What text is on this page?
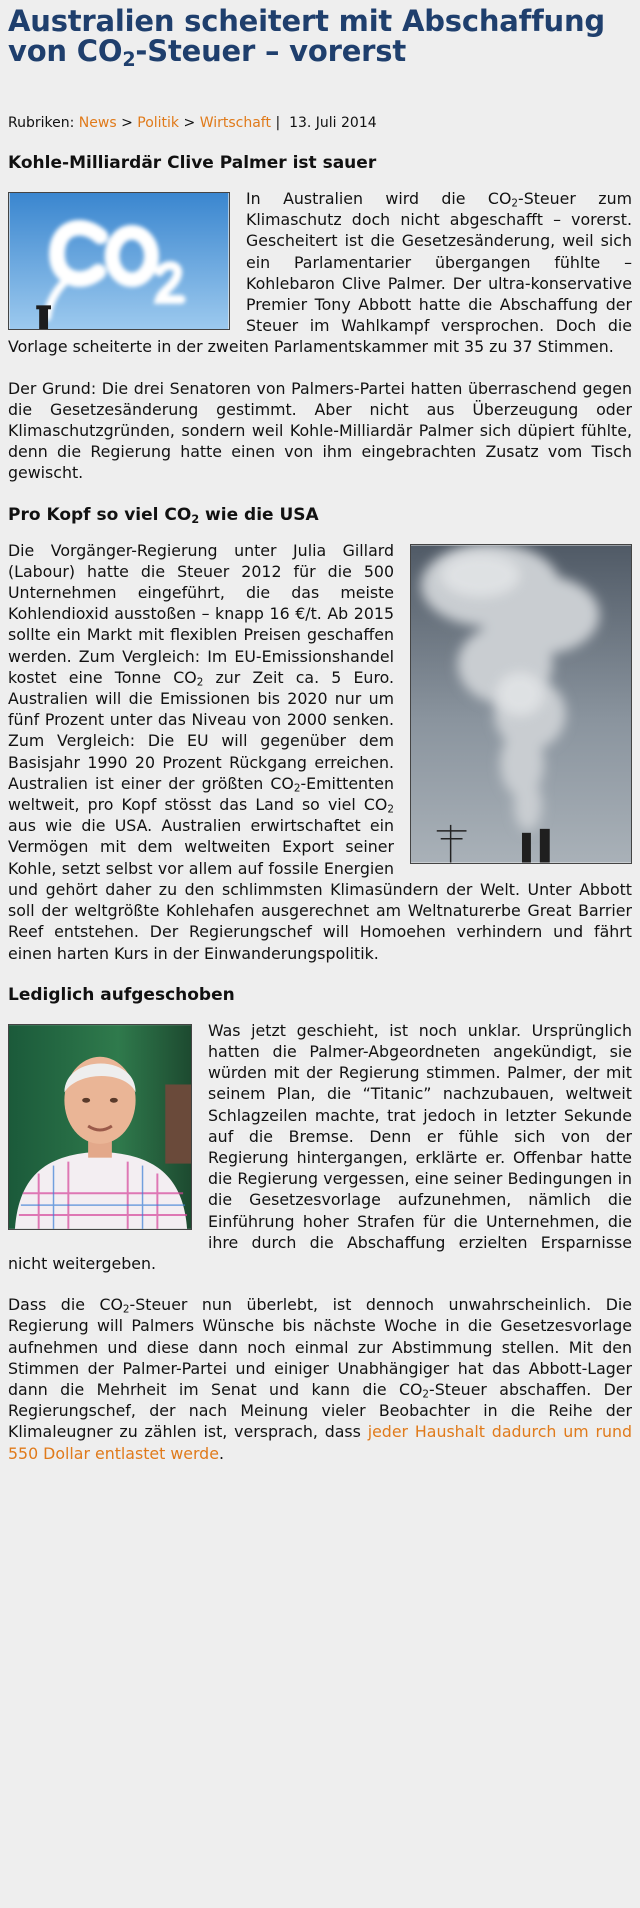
Australien scheitert mit Abschaffung von $CO_2$-Steuer – vorerst
Rubriken: News > Politik > Wirtschaft | 13. Juli 2014
Kohle-Milliardär Clive Palmer ist sauer

In Australien wird die $CO_2$-Steuer zum Klimaschutz doch nicht abgeschafft – vorerst. Gescheitert ist die Gesetzesänderung, weil sich ein Parlamentarier übergangen fühlte – Kohlebaron Clive Palmer. Der ultra-konservative Premier Tony Abbott hatte die Abschaffung der Steuer im Wahlkampf versprochen. Doch die Vorlage scheiterte in der zweiten Parlamentskammer mit 35 zu 37 Stimmen.

Der Grund: Die drei Senatoren von Palmers-Partei hatten überraschend gegen die Gesetzesänderung gestimmt. Aber nicht aus Überzeugung oder Klimaschutzgründen, sondern weil Kohle-Milliardär Palmer sich düpiert fühlte, denn die Regierung hatte einen von ihm eingebrachten Zusatz vom Tisch gewischt.

Pro Kopf so viel $CO_2$ wie die USA

Die Vorgänger-Regierung unter Julia Gillard (Labour) hatte die Steuer 2012 für die 500 Unternehmen eingeführt, die das meiste Kohlendioxid ausstoßen – knapp 16 €/t. Ab 2015 sollte ein Markt mit flexiblen Preisen geschaffen werden. Zum Vergleich: Im EU-Emissionshandel kostet eine Tonne $CO_2$ zur Zeit ca. 5 Euro. Australien will die Emissionen bis 2020 nur um fünf Prozent unter das Niveau von 2000 senken. Zum Vergleich: Die EU will gegenüber dem Basisjahr 1990 20 Prozent Rückgang erreichen. Australien ist einer der größten $CO_2$-Emittenten weltweit, pro Kopf stösst das Land so viel $CO_2$ aus wie die USA. Australien erwirtschaftet ein Vermögen mit dem weltweiten Export seiner Kohle, setzt selbst vor allem auf fossile Energien und gehört daher zu den schlimmsten Klimasündern der Welt. Unter Abbott soll der weltgrößte Kohlehafen ausgerechnet am Weltnaturerbe Great Barrier Reef entstehen. Der Regierungschef will Homoehen verhindern und fährt einen harten Kurs in der Einwanderungspolitik.

Lediglich aufgeschoben

Was jetzt geschieht, ist noch unklar. Ursprünglich hatten die Palmer-Abgeordneten angekündigt, sie würden mit der Regierung stimmen. Palmer, der mit seinem Plan, die “Titanic” nachzubauen, weltweit Schlagzeilen machte, trat jedoch in letzter Sekunde auf die Bremse. Denn er fühle sich von der Regierung hintergangen, erklärte er. Offenbar hatte die Regierung vergessen, eine seiner Bedingungen in die Gesetzesvorlage aufzunehmen, nämlich die Einführung hoher Strafen für die Unternehmen, die ihre durch die Abschaffung erzielten Ersparnisse nicht weitergeben.

Dass die $CO_2$-Steuer nun überlebt, ist dennoch unwahrscheinlich. Die Regierung will Palmers Wünsche bis nächste Woche in die Gesetzesvorlage aufnehmen und diese dann noch einmal zur Abstimmung stellen. Mit den Stimmen der Palmer-Partei und einiger Unabhängiger hat das Abbott-Lager dann die Mehrheit im Senat und kann die $CO_2$-Steuer abschaffen. Der Regierungschef, der nach Meinung vieler Beobachter in die Reihe der Klimaleugner zu zählen ist, versprach, dass jeder Haushalt dadurch um rund 550 Dollar entlastet werde.
